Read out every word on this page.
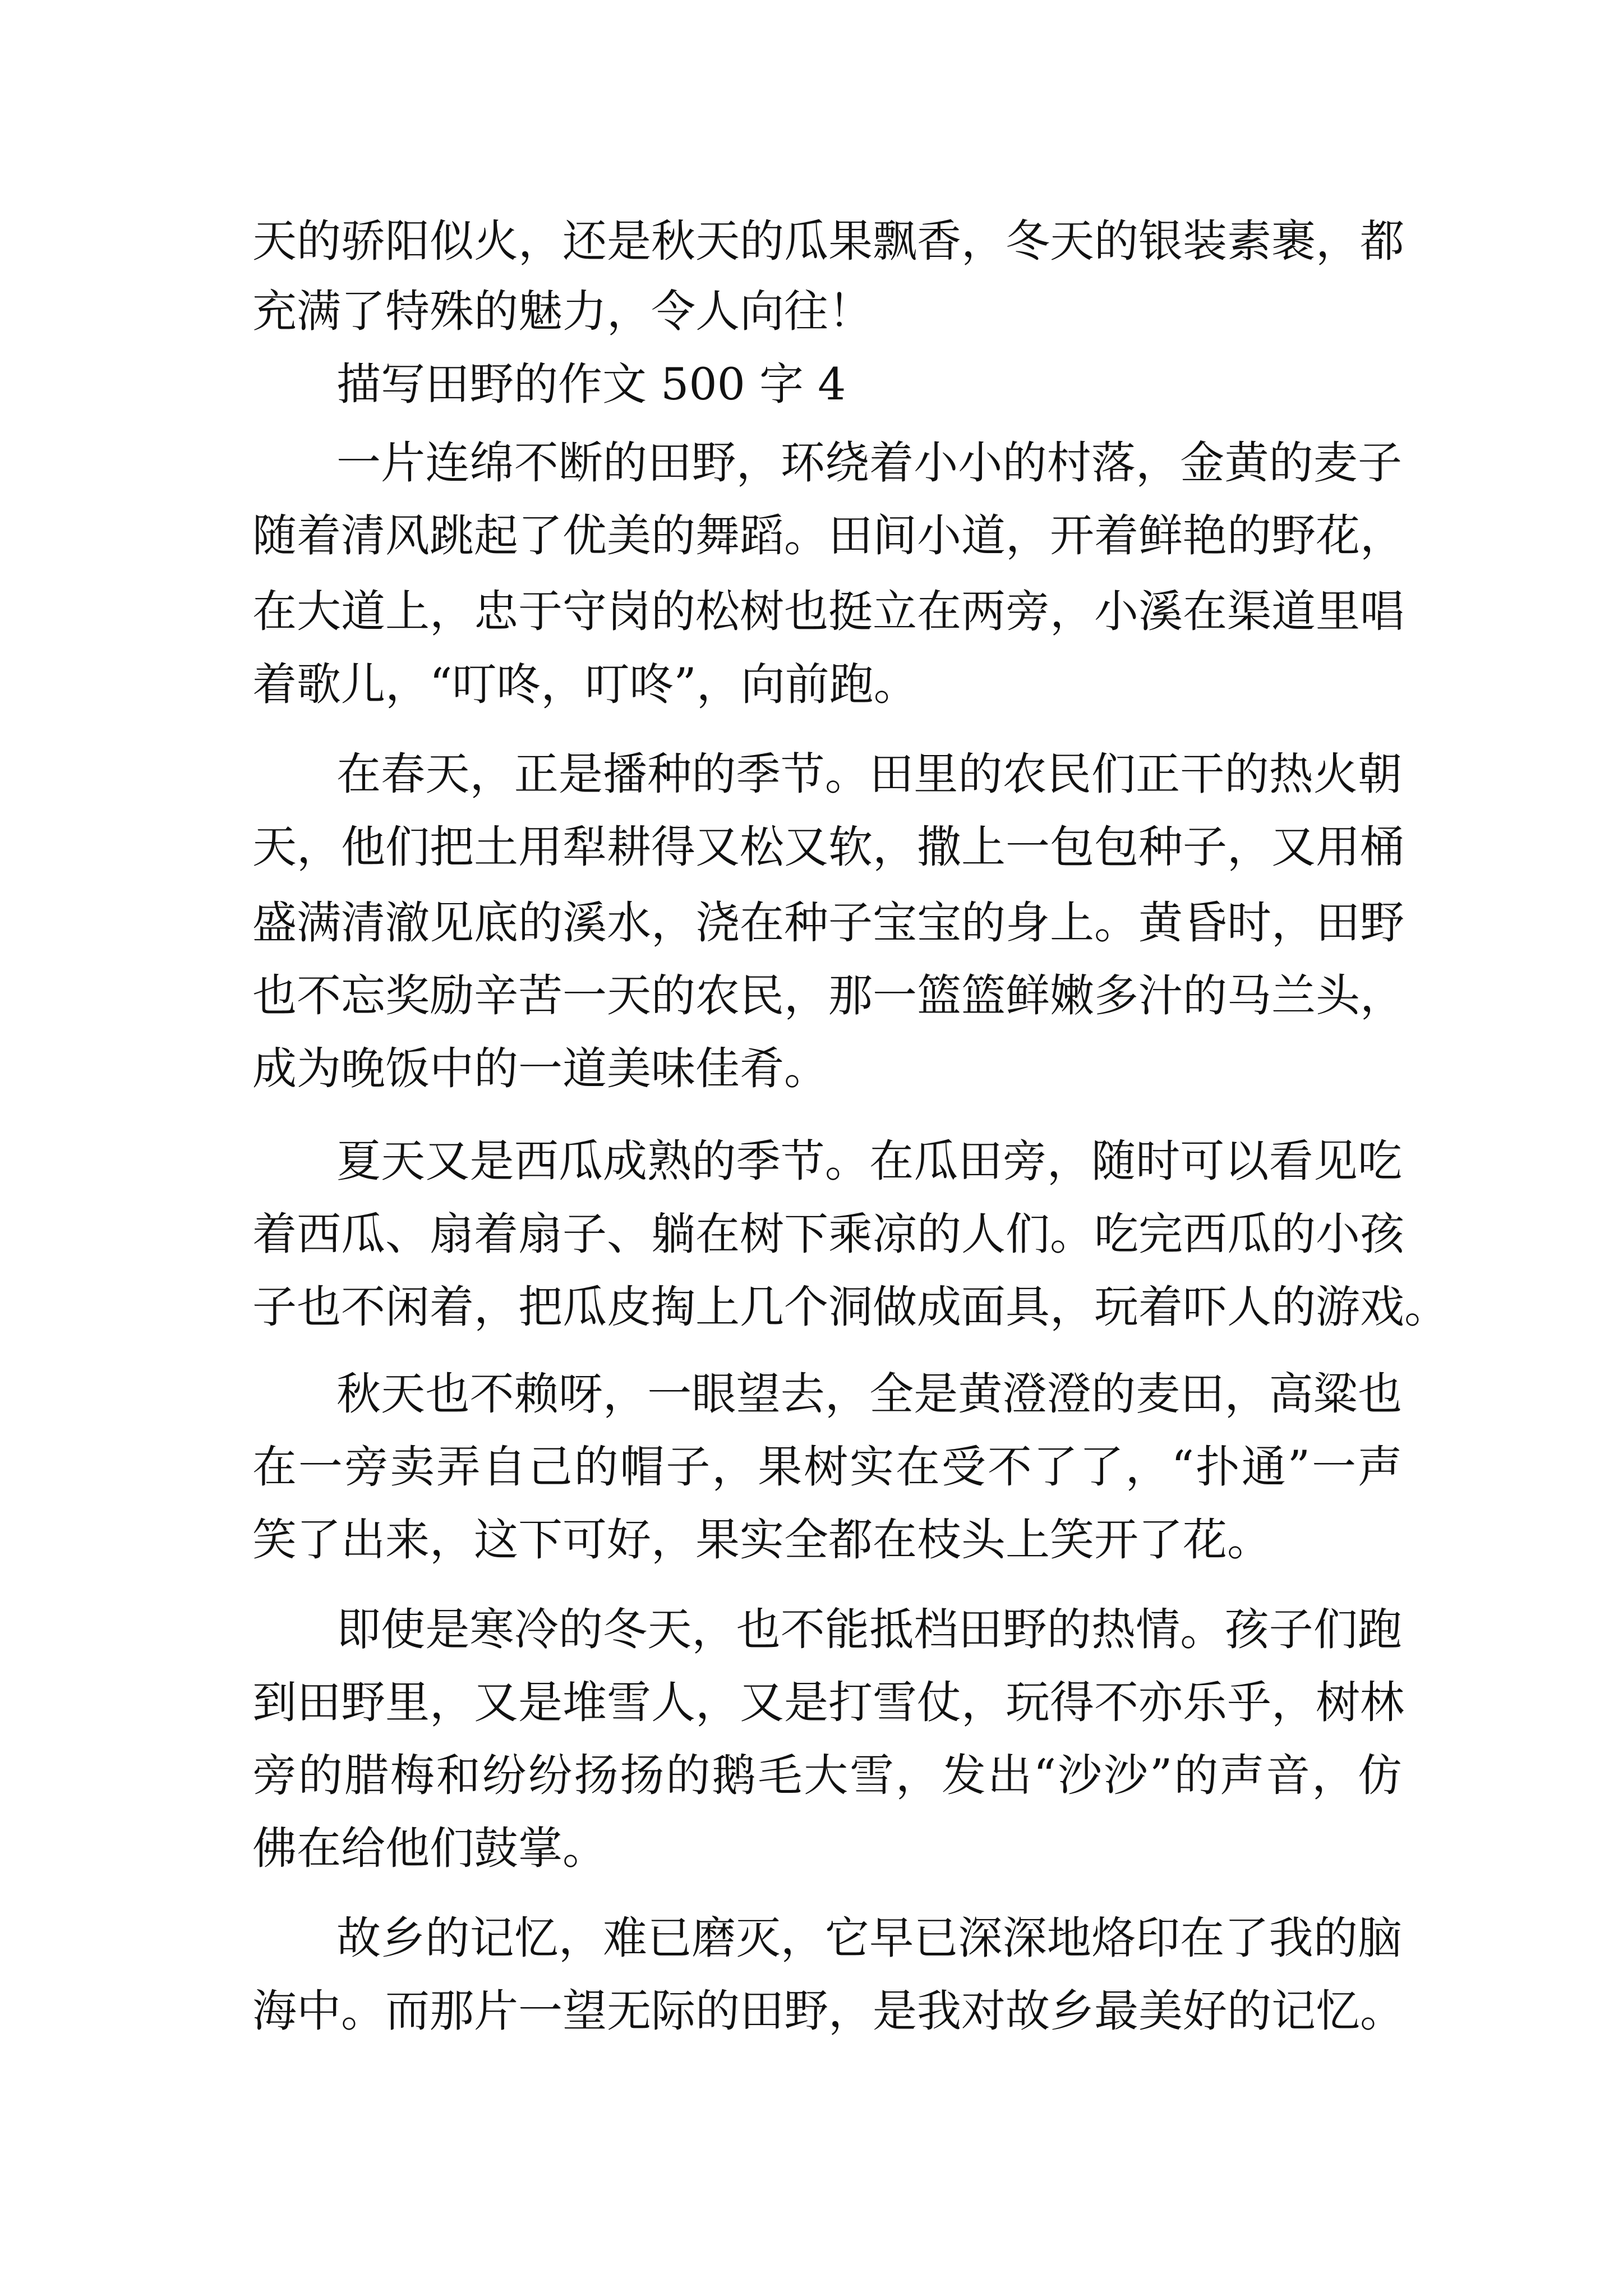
天的骄阳似火，还是秋天的瓜果飘香，冬天的银装素裹，都
充满了特殊的魅力，令人向往！
描写田野的作文 500 字 4
一片连绵不断的田野，环绕着小小的村落，金黄的麦子
随着清风跳起了优美的舞蹈。田间小道，开着鲜艳的野花，
在大道上，忠于守岗的松树也挺立在两旁，小溪在渠道里唱
着歌儿，“叮咚，叮咚”，向前跑。
在春天，正是播种的季节。田里的农民们正干的热火朝
天，他们把土用犁耕得又松又软，撒上一包包种子，又用桶
盛满清澈见底的溪水，浇在种子宝宝的身上。黄昏时，田野
也不忘奖励辛苦一天的农民，那一篮篮鲜嫩多汁的马兰头，
成为晚饭中的一道美味佳肴。
夏天又是西瓜成熟的季节。在瓜田旁，随时可以看见吃
着西瓜、扇着扇子、躺在树下乘凉的人们。吃完西瓜的小孩
子也不闲着，把瓜皮掏上几个洞做成面具，玩着吓人的游戏。
秋天也不赖呀，一眼望去，全是黄澄澄的麦田，高粱也
在一旁卖弄自己的帽子，果树实在受不了了，“扑通”一声
笑了出来，这下可好，果实全都在枝头上笑开了花。
即使是寒冷的冬天，也不能抵档田野的热情。孩子们跑
到田野里，又是堆雪人，又是打雪仗，玩得不亦乐乎，树林
旁的腊梅和纷纷扬扬的鹅毛大雪，发出“沙沙”的声音，仿
佛在给他们鼓掌。
故乡的记忆，难已磨灭，它早已深深地烙印在了我的脑
海中。而那片一望无际的田野，是我对故乡最美好的记忆。
